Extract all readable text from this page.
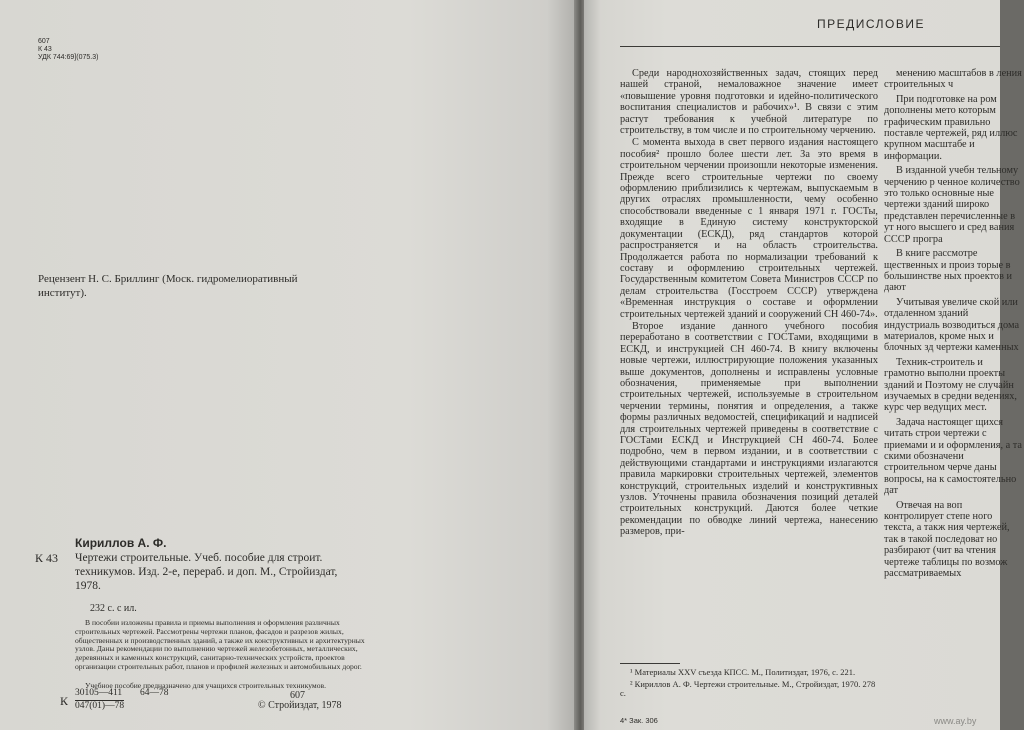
607
К 43
УДК 744:69](075.3)
Рецензент Н. С. Бриллинг (Моск. гидромелиоративный институт).
Кириллов А. Ф.
К 43 Чертежи строительные. Учеб. пособие для строит. техникумов. Изд. 2-е, перераб. и доп. М., Стройиздат, 1978.
232 с. с ил.
В пособии изложены правила и приемы выполнения и оформления различных строительных чертежей. Рассмотрены чертежи планов, фасадов и разрезов жилых, общественных и производственных зданий, а также их конструктивных и архитектурных узлов. Даны рекомендации по выполнению чертежей железобетонных, металлических, деревянных и каменных конструкций, санитарно-технических устройств, проектов организации строительных работ, планов и профилей железных и автомобильных дорог.
Учебное пособие предназначено для учащихся строительных техникумов.
К $\frac{30105—411}{047(01)—78}$ 64—78	607
© Стройиздат, 1978
ПРЕДИСЛОВИЕ

Среди народнохозяйственных задач, стоящих перед нашей страной, немаловажное значение имеет «повышение уровня подготовки и идейно-политического воспитания специалистов и рабочих»¹. В связи с этим растут требования к учебной литературе по строительству, в том числе и по строительному черчению.

С момента выхода в свет первого издания настоящего пособия² прошло более шести лет. За это время в строительном черчении произошли некоторые изменения. Прежде всего строительные чертежи по своему оформлению приблизились к чертежам, выпускаемым в других отраслях промышленности, чему особенно способствовали введенные с 1 января 1971 г. ГОСТы, входящие в Единую систему конструкторской документации (ЕСКД), ряд стандартов которой распространяется и на область строительства. Продолжается работа по нормализации требований к составу и оформлению строительных чертежей. Государственным комитетом Совета Министров СССР по делам строительства (Госстроем СССР) утверждена «Временная инструкция о составе и оформлении строительных чертежей зданий и сооружений СН 460-74».

Второе издание данного учебного пособия переработано в соответствии с ГОСТами, входящими в ЕСКД, и инструкцией СН 460-74. В книгу включены новые чертежи, иллюстрирующие положения указанных выше документов, дополнены и исправлены условные обозначения, применяемые при выполнении строительных чертежей, используемые в строительном черчении термины, понятия и определения, а также формы различных ведомостей, спецификаций и надписей для строительных чертежей приведены в соответствие с ГОСТами ЕСКД и Инструкцией СН 460-74. Более подробно, чем в первом издании, и в соответствии с действующими стандартами и инструкциями излагаются правила маркировки строительных чертежей, элементов конструкций, строительных изделий и конструктивных узлов. Уточнены правила обозначения позиций деталей строительных конструкций. Даются более четкие рекомендации по обводке линий чертежа, нанесению размеров, при-

менению масштабов в ления строительных ч

При подготовке на ром дополнены мето которым графическим правильно поставле чертежей, ряд иллюс крупном масштабе и информации.

В изданной учебн тельному черчению р ченное количество это только основные ные чертежи зданий широко представлен перечисленные в ут ного высшего и сред вания СССР програ

В книге рассмотре щественных и произ торые в большинстве ных проектов и дают

Учитывая увеличе ской или отдаленном зданий индустриаль возводиться дома материалов, кроме ных и блочных зд чертежи каменных

Техник-строитель и грамотно выполни проекты зданий и Поэтому не случайн изучаемых в средни ведениях, курс чер ведущих мест.

Задача настоящег щихся читать строи чертежи с приемами и и оформления, а та скими обозначени строительном черче даны вопросы, на к самостоятельно дат

Отвечая на воп контролирует степе ного текста, а такж ния чертежей, так в такой последоват но разбирают (чит ва чтения чертеже таблицы по возмож рассматриваемых

¹ Материалы XXV съезда КПСС. М., Политиздат, 1976, с. 221.

² Кириллов А. Ф. Чертежи строительные. М., Стройиздат, 1970. 278 с.

4* Зак. 306	www.ay.by
